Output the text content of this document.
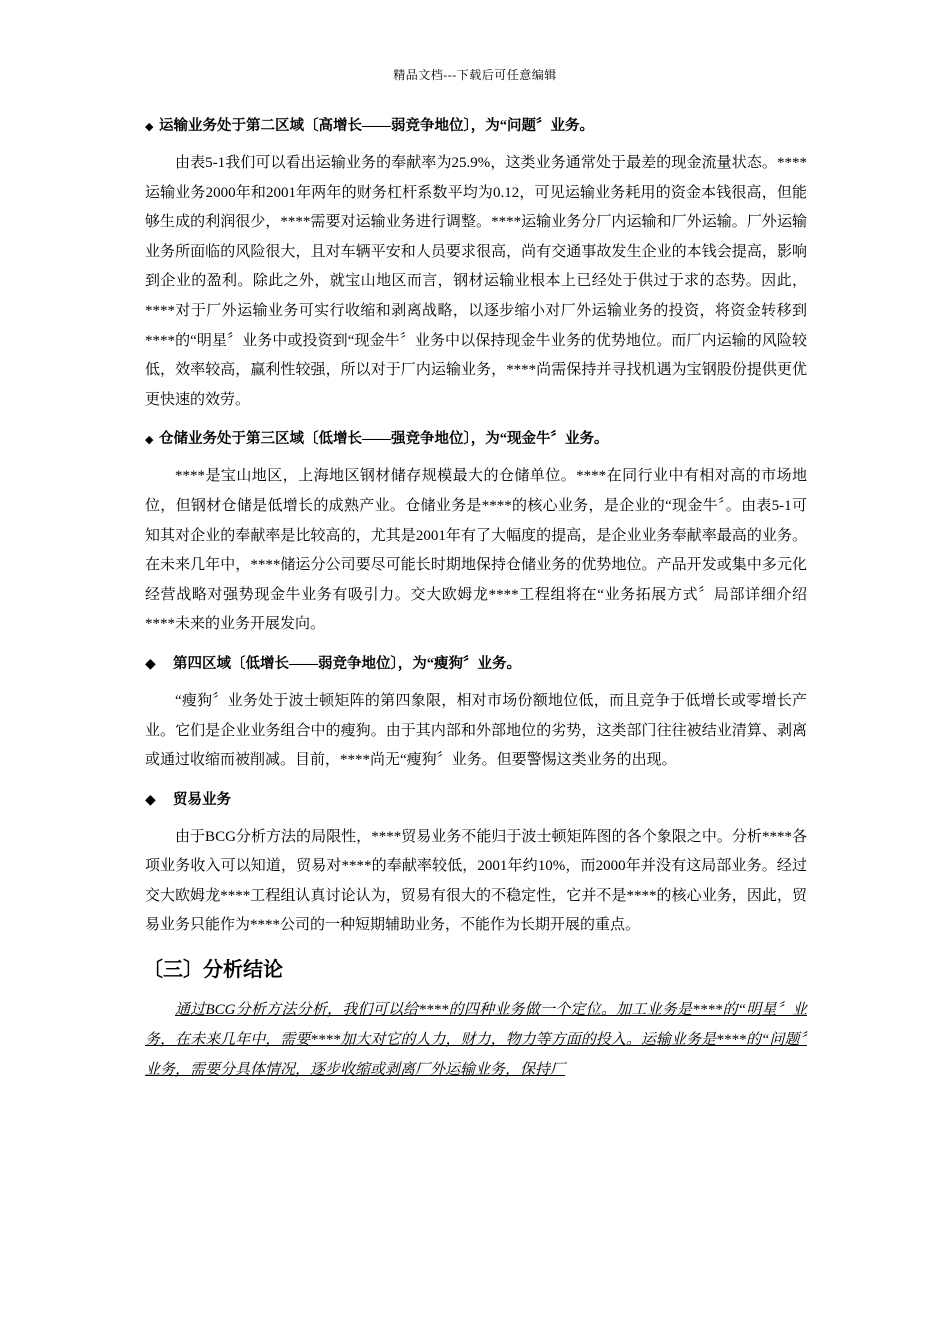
精品文档---下载后可任意编辑
◆ 运输业务处于第二区域〔高增长——弱竞争地位〕，为“问题〞业务。

由表5-1我们可以看出运输业务的奉献率为25.9%，这类业务通常处于最差的现金流量状态。****运输业务2000年和2001年两年的财务杠杆系数平均为0.12，可见运输业务耗用的资金本钱很高，但能够生成的利润很少，****需要对运输业务进行调整。****运输业务分厂内运输和厂外运输。厂外运输业务所面临的风险很大，且对车辆平安和人员要求很高，尚有交通事故发生企业的本钱会提高，影响到企业的盈利。除此之外，就宝山地区而言，钢材运输业根本上已经处于供过于求的态势。因此，****对于厂外运输业务可实行收缩和剥离战略，以逐步缩小对厂外运输业务的投资，将资金转移到****的“明星〞业务中或投资到“现金牛〞业务中以保持现金牛业务的优势地位。而厂内运输的风险较低，效率较高，赢利性较强，所以对于厂内运输业务，****尚需保持并寻找机遇为宝钢股份提供更优更快速的效劳。

◆ 仓储业务处于第三区域〔低增长——强竞争地位〕，为“现金牛〞业务。

****是宝山地区，上海地区钢材储存规模最大的仓储单位。****在同行业中有相对高的市场地位，但钢材仓储是低增长的成熟产业。仓储业务是****的核心业务，是企业的“现金牛〞。由表5-1可知其对企业的奉献率是比较高的，尤其是2001年有了大幅度的提高，是企业业务奉献率最高的业务。在未来几年中，****储运分公司要尽可能长时期地保持仓储业务的优势地位。产品开发或集中多元化经营战略对强势现金牛业务有吸引力。交大欧姆龙****工程组将在“业务拓展方式〞局部详细介绍****未来的业务开展发向。

◆ 第四区域〔低增长——弱竞争地位〕，为“瘦狗〞业务。

“瘦狗〞业务处于波士顿矩阵的第四象限，相对市场份额地位低，而且竞争于低增长或零增长产业。它们是企业业务组合中的瘦狗。由于其内部和外部地位的劣势，这类部门往往被结业清算、剥离或通过收缩而被削减。目前，****尚无“瘦狗〞业务。但要警惕这类业务的出现。

◆ 贸易业务

由于BCG分析方法的局限性，****贸易业务不能归于波士顿矩阵图的各个象限之中。分析****各项业务收入可以知道，贸易对****的奉献率较低，2001年约10%，而2000年并没有这局部业务。经过交大欧姆龙****工程组认真讨论认为，贸易有很大的不稳定性，它并不是****的核心业务，因此，贸易业务只能作为****公司的一种短期辅助业务，不能作为长期开展的重点。

〔三〕分析结论

通过BCG分析方法分析，我们可以给****的四种业务做一个定位。加工业务是****的“明星〞业务，在未来几年中，需要****加大对它的人力，财力，物力等方面的投入。运输业务是****的“问题〞业务，需要分具体情况，逐步收缩或剥离厂外运输业务，保持厂
